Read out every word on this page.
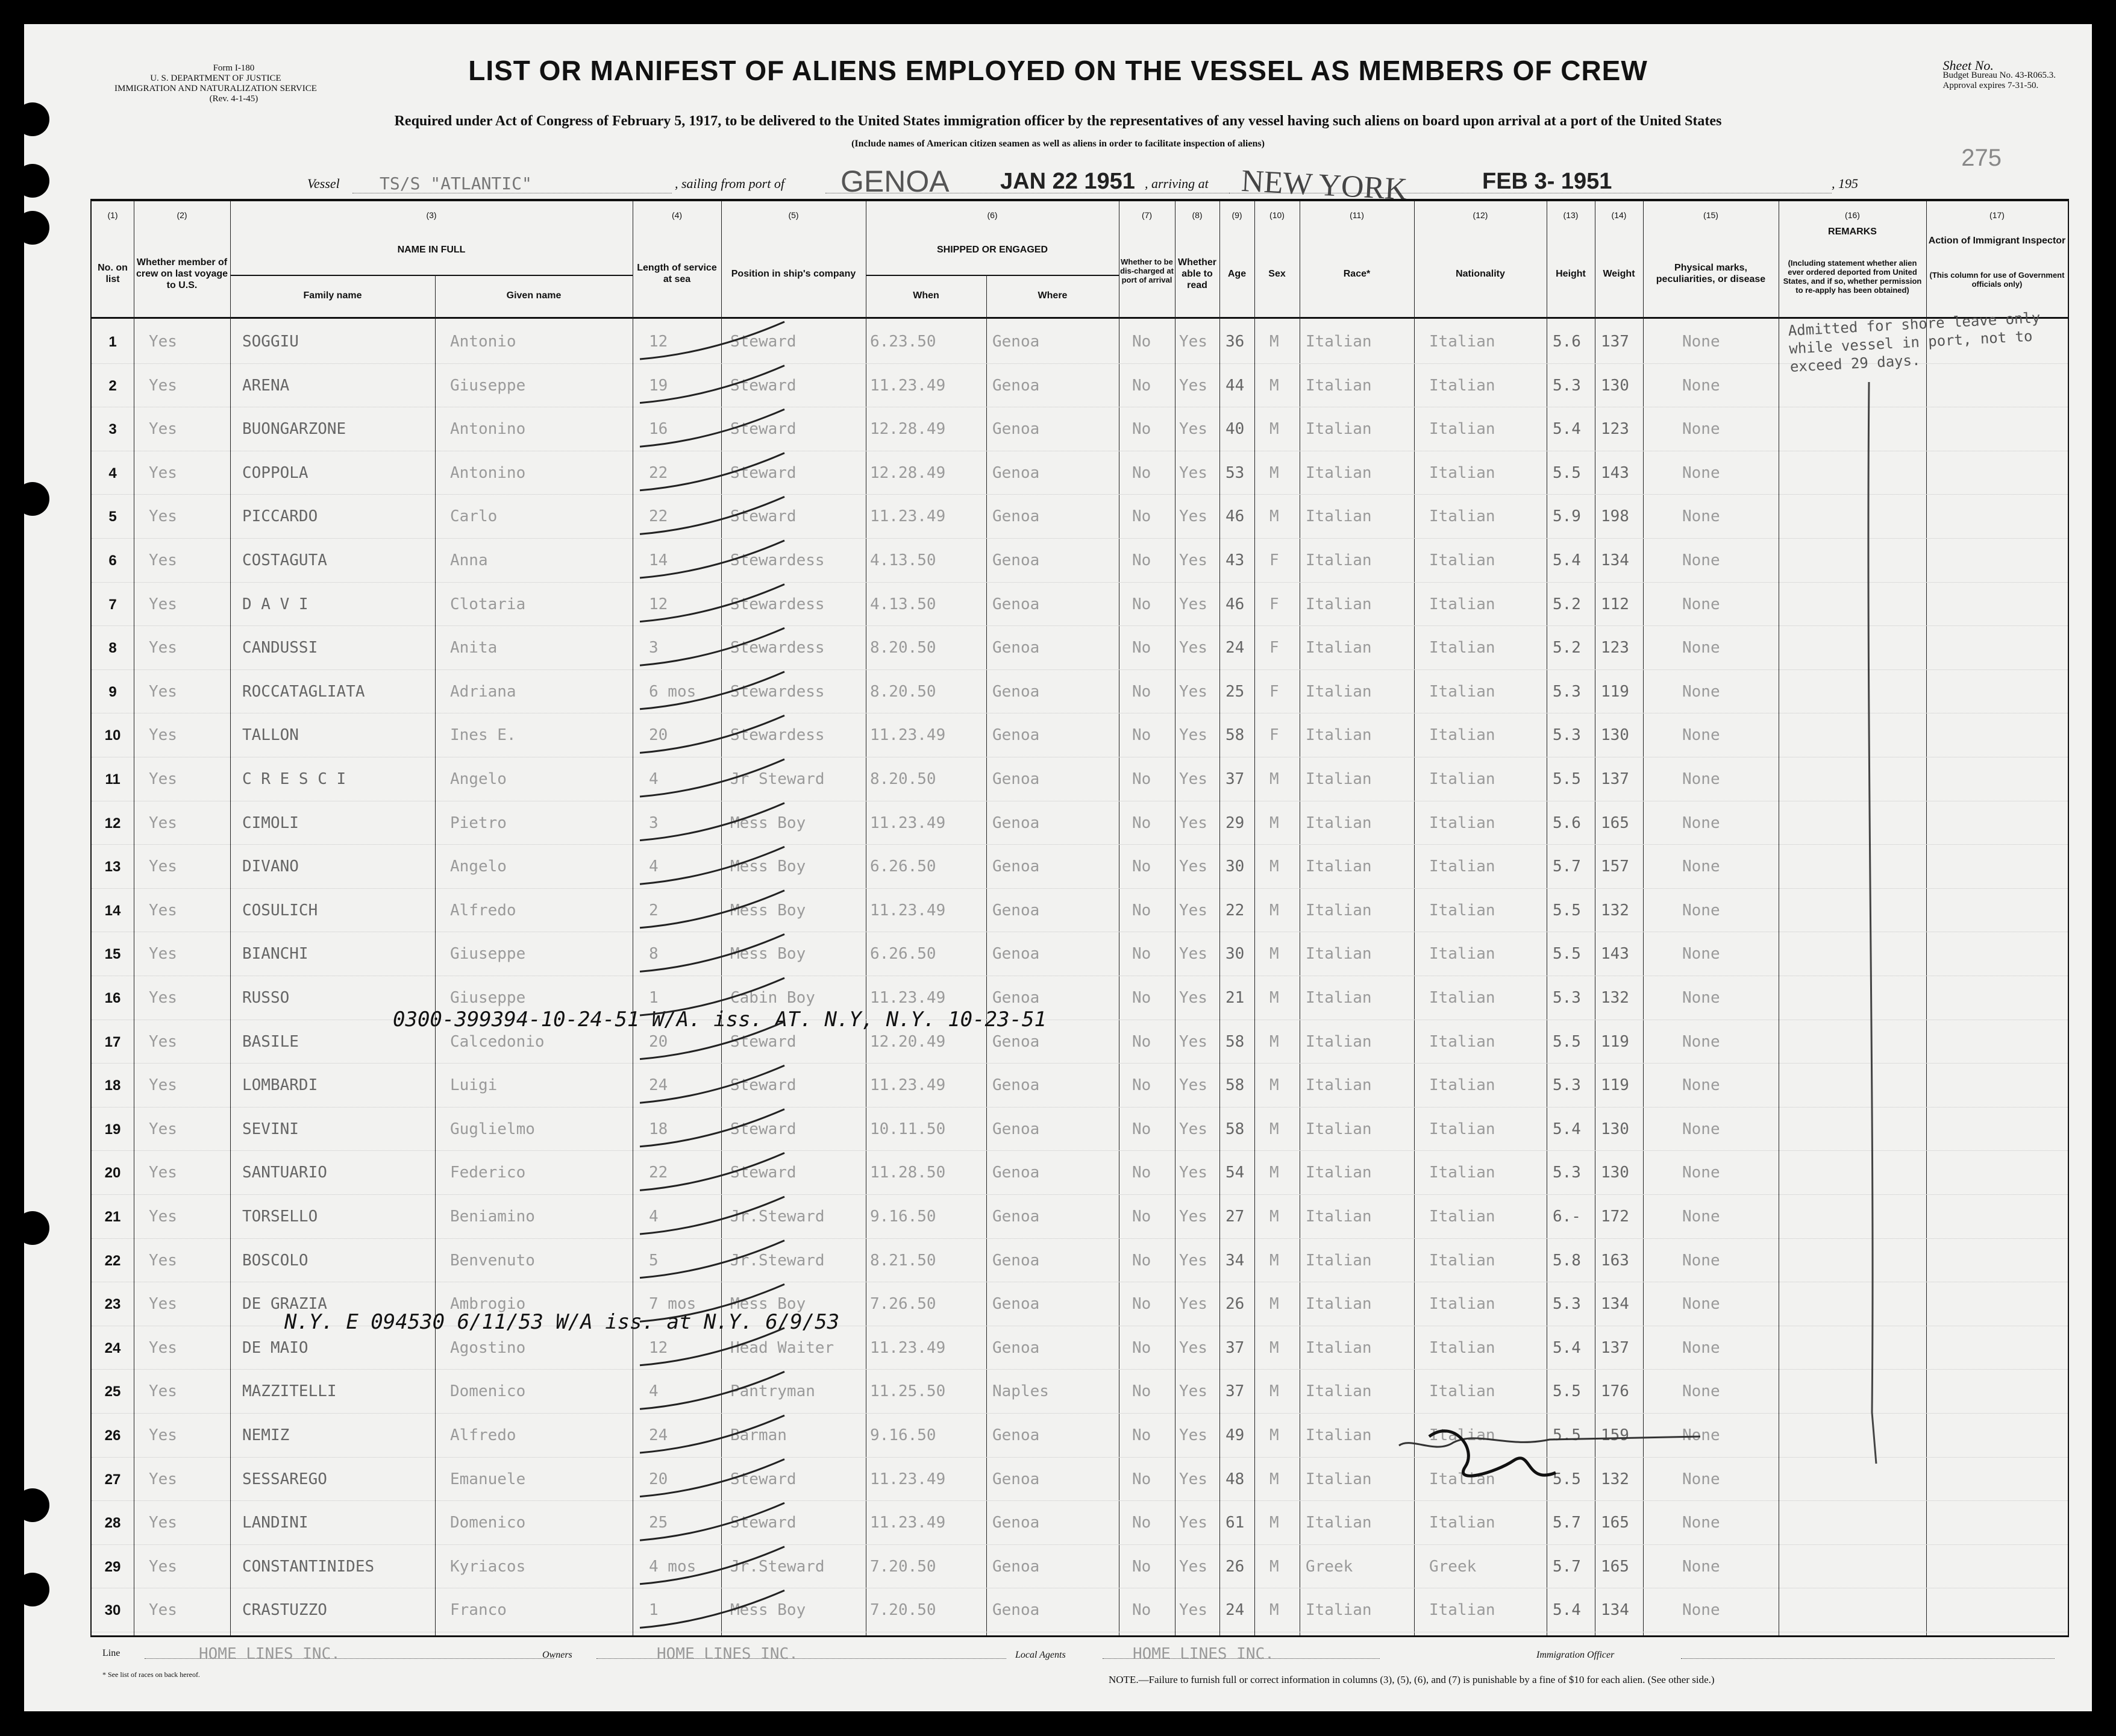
Form I-180
U. S. DEPARTMENT OF JUSTICE
IMMIGRATION AND NATURALIZATION SERVICE
(Rev. 4-1-45)
LIST OR MANIFEST OF ALIENS EMPLOYED ON THE VESSEL AS MEMBERS OF CREW	Sheet No.
Budget Bureau No. 43-R065.3.
Approval expires 7-31-50.
Required under Act of Congress of February 5, 1917, to be delivered to the United States immigration officer by the representatives of any vessel having such aliens on board upon arrival at a port of the United States
(Include names of American citizen seamen as well as aliens in order to facilitate inspection of aliens)
275
Vessel TS/S "ATLANTIC"	, sailing from port of GENOA JAN 22 1951 , arriving at NEW YORK	FEB 3- 1951	, 195
(1)	(2)	(3)	(4)	(5)	(6)	(7)	(8)	(9)	(10)	(11)	(12)	(13)	(14)	(15)	(16)	(17)
No. on list
Whether member of crew on last voyage to U.S.
NAME IN FULL
Family name	Given name
Length of service at sea
Position in ship's company
SHIPPED OR ENGAGED
When	Where
Whether to be dis-charged at port of arrival
Whether able to read
Age	Sex	Race*	Nationality	Height	Weight
Physical marks, peculiarities, or disease
REMARKS
(Including statement whether alien ever ordered deported from United States, and if so, whether permission to re-apply has been obtained)
Action of Immigrant Inspector
(This column for use of Government officials only)
1	Yes	SOGGIU	Antonio	12	Steward	6.23.50	Genoa	No Yes 36 M Italian	Italian	5.6 137	None
2	Yes	ARENA	Giuseppe	19	Steward	11.23.49	Genoa	No Yes 44 M Italian	Italian	5.3 130	None
3	Yes	BUONGARZONE	Antonino	16	Steward	12.28.49	Genoa	No Yes 40 M Italian	Italian	5.4 123	None
4	Yes	COPPOLA	Antonino	22	Steward	12.28.49	Genoa	No Yes 53 M Italian	Italian	5.5 143	None
5	Yes	PICCARDO	Carlo	22	Steward	11.23.49	Genoa	No Yes 46 M Italian	Italian	5.9 198	None
6	Yes	COSTAGUTA	Anna	14	Stewardess	4.13.50	Genoa	No Yes 43 F Italian	Italian	5.4 134	None
7	Yes	D A V I	Clotaria	12	Stewardess	4.13.50	Genoa	No Yes 46 F Italian	Italian	5.2 112	None
8	Yes	CANDUSSI	Anita	3	Stewardess	8.20.50	Genoa	No Yes 24 F Italian	Italian	5.2 123	None
9	Yes	ROCCATAGLIATA	Adriana	6 mos Stewardess	8.20.50	Genoa	No Yes 25 F Italian	Italian	5.3 119	None
10	Yes	TALLON	Ines E.	20	Stewardess	11.23.49	Genoa	No Yes 58 F Italian	Italian	5.3 130	None
11	Yes	C R E S C I	Angelo	4	Jr Steward	8.20.50	Genoa	No Yes 37 M Italian	Italian	5.5 137	None
12	Yes	CIMOLI	Pietro	3	Mess Boy	11.23.49	Genoa	No Yes 29 M Italian	Italian	5.6 165	None
13	Yes	DIVANO	Angelo	4	Mess Boy	6.26.50	Genoa	No Yes 30 M Italian	Italian	5.7 157	None
14	Yes	COSULICH	Alfredo	2	Mess Boy	11.23.49	Genoa	No Yes 22 M Italian	Italian	5.5 132	None
15	Yes	BIANCHI	Giuseppe	8	Mess Boy	6.26.50	Genoa	No Yes 30 M Italian	Italian	5.5 143	None
16	Yes	RUSSO	Giuseppe	1	Cabin Boy	11.23.49	Genoa	No Yes 21 M Italian	Italian	5.3 132	None
17	Yes	BASILE	Calcedonio	20	Steward	12.20.49	Genoa	No Yes 58 M Italian	Italian	5.5 119	None
18	Yes	LOMBARDI	Luigi	24	Steward	11.23.49	Genoa	No Yes 58 M Italian	Italian	5.3 119	None
19	Yes	SEVINI	Guglielmo	18	Steward	10.11.50	Genoa	No Yes 58 M Italian	Italian	5.4 130	None
20	Yes	SANTUARIO	Federico	22	Steward	11.28.50	Genoa	No Yes 54 M Italian	Italian	5.3 130	None
21	Yes	TORSELLO	Beniamino	4	Jr.Steward	9.16.50	Genoa	No Yes 27 M Italian	Italian	6.- 172	None
22	Yes	BOSCOLO	Benvenuto	5	Jr.Steward	8.21.50	Genoa	No Yes 34 M Italian	Italian	5.8 163	None
23	Yes	DE GRAZIA	Ambrogio	7 mos Mess Boy	7.26.50	Genoa	No Yes 26 M Italian	Italian	5.3 134	None
24	Yes	DE MAIO	Agostino	12	Head Waiter 11.23.49	Genoa	No Yes 37 M Italian	Italian	5.4 137	None
25	Yes	MAZZITELLI	Domenico	4	Pantryman	11.25.50	Naples	No Yes 37 M Italian	Italian	5.5 176	None
26	Yes	NEMIZ	Alfredo	24	Barman	9.16.50	Genoa	No Yes 49 M Italian	Italian	5.5 159	None
27	Yes	SESSAREGO	Emanuele	20	Steward	11.23.49	Genoa	No Yes 48 M Italian	Italian	5.5 132	None
28	Yes	LANDINI	Domenico	25	Steward	11.23.49	Genoa	No Yes 61 M Italian	Italian	5.7 165	None
29	Yes	CONSTANTINIDES	Kyriacos	4 mos Jr.Steward	7.20.50	Genoa	No Yes 26 M Greek	Greek	5.7 165	None
30	Yes	CRASTUZZO	Franco	1	Mess Boy	7.20.50	Genoa	No Yes 24 M Italian	Italian	5.4 134	None
Admitted for shore leave only while vessel in port, not to exceed 29 days.
0300-399394-10-24-51 W/A. iss. AT. N.Y, N.Y. 10-23-51
N.Y. E 094530 6/11/53 W/A iss. at N.Y. 6/9/53
Line	HOME LINES INC.	Owners	HOME LINES INC.	Local Agents	HOME LINES INC.	Immigration Officer
* See list of races on back hereof.	NOTE.—Failure to furnish full or correct information in columns (3), (5), (6), and (7) is punishable by a fine of $10 for each alien. (See other side.)
